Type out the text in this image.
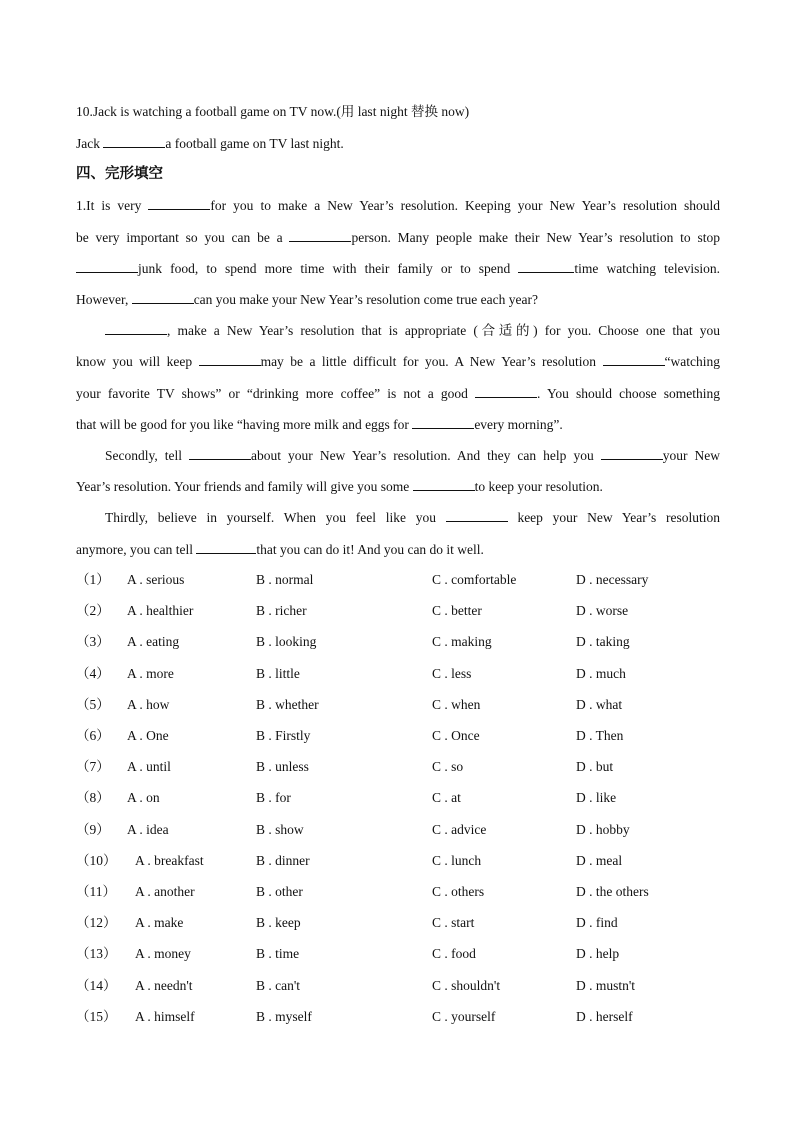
10.Jack is watching a football game on TV now.(用 last night 替换 now)
Jack	a football game on TV last night.
四、完形填空
1.It is very	for you to make a New Year’s resolution. Keeping your New Year’s resolution should
be very important so you can be a	person. Many people make their New Year’s resolution to stop
junk food, to spend more time with their family or to spend	time watching television.
However,	can you make your New Year’s resolution come true each year?
, make a New Year’s resolution that is appropriate (合适的) for you. Choose one that you
know you will keep	may be a little difficult for you. A New Year’s resolution	“watching
your favorite TV shows” or “drinking more coffee” is not a good	. You should choose something
that will be good for you like “having more milk and eggs for	every morning”.
Secondly, tell	about your New Year’s resolution. And they can help you	your New
Year’s resolution. Your friends and family will give you some	to keep your resolution.
Thirdly, believe in yourself. When you feel like you	keep your New Year’s resolution
anymore, you can tell	that you can do it! And you can do it well.
（1） A . serious	B . normal	C . comfortable	D . necessary
（2） A . healthier	B . richer	C . better	D . worse
（3） A . eating	B . looking	C . making	D . taking
（4） A . more	B . little	C . less	D . much
（5） A . how	B . whether	C . when	D . what
（6） A . One	B . Firstly	C . Once	D . Then
（7） A . until	B . unless	C . so	D . but
（8） A . on	B . for	C . at	D . like
（9） A . idea	B . show	C . advice	D . hobby
（10） A . breakfast	B . dinner	C . lunch	D . meal
（11） A . another	B . other	C . others	D . the others
（12） A . make	B . keep	C . start	D . find
（13） A . money	B . time	C . food	D . help
（14） A . needn't	B . can't	C . shouldn't	D . mustn't
（15） A . himself	B . myself	C . yourself	D . herself
